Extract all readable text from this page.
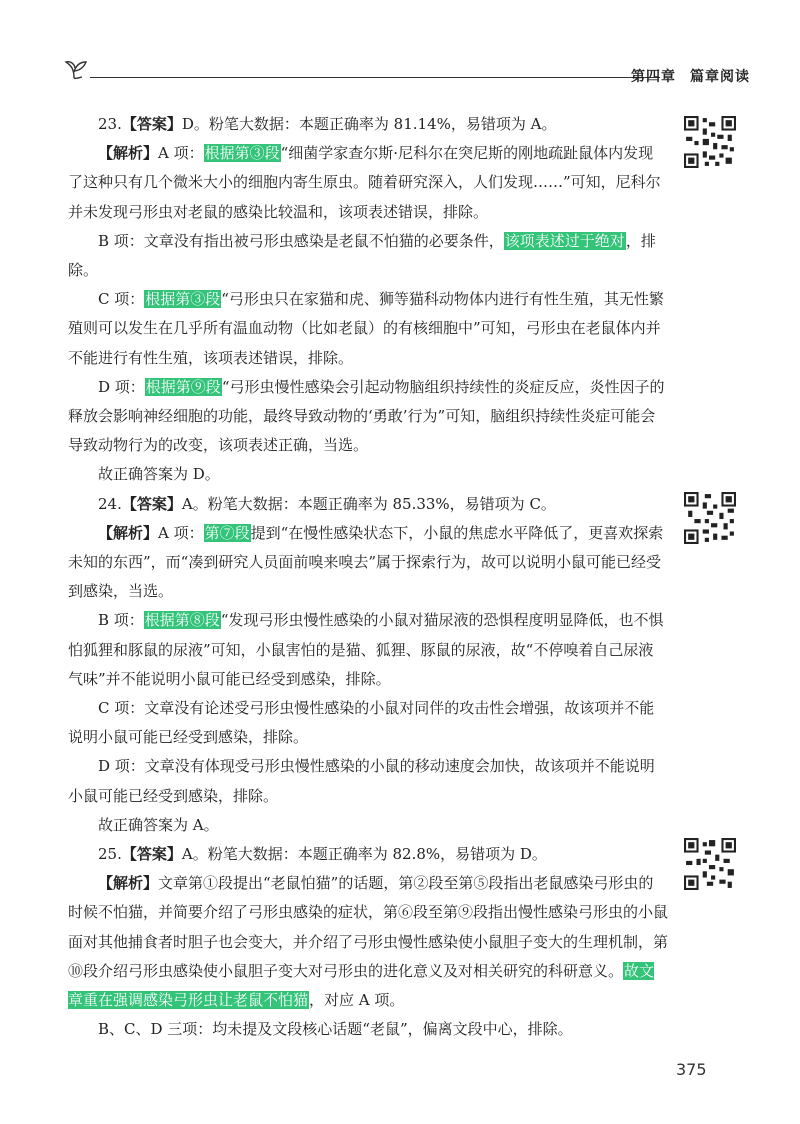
第四章 篇章阅读

23.【答案】D。粉笔大数据：本题正确率为 81.14%，易错项为 A。

【解析】A 项：根据第③段“细菌学家查尔斯·尼科尔在突尼斯的刚地疏趾鼠体内发现了这种只有几个微米大小的细胞内寄生原虫。随着研究深入，人们发现……”可知，尼科尔并未发现弓形虫对老鼠的感染比较温和，该项表述错误，排除。

B 项：文章没有指出被弓形虫感染是老鼠不怕猫的必要条件，该项表述过于绝对，排除。

C 项：根据第③段“弓形虫只在家猫和虎、狮等猫科动物体内进行有性生殖，其无性繁殖则可以发生在几乎所有温血动物（比如老鼠）的有核细胞中”可知，弓形虫在老鼠体内并不能进行有性生殖，该项表述错误，排除。

D 项：根据第⑨段“弓形虫慢性感染会引起动物脑组织持续性的炎症反应，炎性因子的释放会影响神经细胞的功能，最终导致动物的‘勇敢’行为”可知，脑组织持续性炎症可能会导致动物行为的改变，该项表述正确，当选。

故正确答案为 D。

24.【答案】A。粉笔大数据：本题正确率为 85.33%，易错项为 C。

【解析】A 项：第⑦段提到“在慢性感染状态下，小鼠的焦虑水平降低了，更喜欢探索未知的东西”，而“凑到研究人员面前嗅来嗅去”属于探索行为，故可以说明小鼠可能已经受到感染，当选。

B 项：根据第⑧段“发现弓形虫慢性感染的小鼠对猫尿液的恐惧程度明显降低，也不惧怕狐狸和豚鼠的尿液”可知，小鼠害怕的是猫、狐狸、豚鼠的尿液，故“不停嗅着自己尿液气味”并不能说明小鼠可能已经受到感染，排除。

C 项：文章没有论述受弓形虫慢性感染的小鼠对同伴的攻击性会增强，故该项并不能说明小鼠可能已经受到感染，排除。

D 项：文章没有体现受弓形虫慢性感染的小鼠的移动速度会加快，故该项并不能说明小鼠可能已经受到感染，排除。

故正确答案为 A。

25.【答案】A。粉笔大数据：本题正确率为 82.8%，易错项为 D。

【解析】文章第①段提出“老鼠怕猫”的话题，第②段至第⑤段指出老鼠感染弓形虫的时候不怕猫，并简要介绍了弓形虫感染的症状，第⑥段至第⑨段指出慢性感染弓形虫的小鼠面对其他捕食者时胆子也会变大，并介绍了弓形虫慢性感染使小鼠胆子变大的生理机制，第⑩段介绍弓形虫感染使小鼠胆子变大对弓形虫的进化意义及对相关研究的科研意义。故文章重在强调感染弓形虫让老鼠不怕猫，对应 A 项。

B、C、D 三项：均未提及文段核心话题“老鼠”，偏离文段中心，排除。

375
